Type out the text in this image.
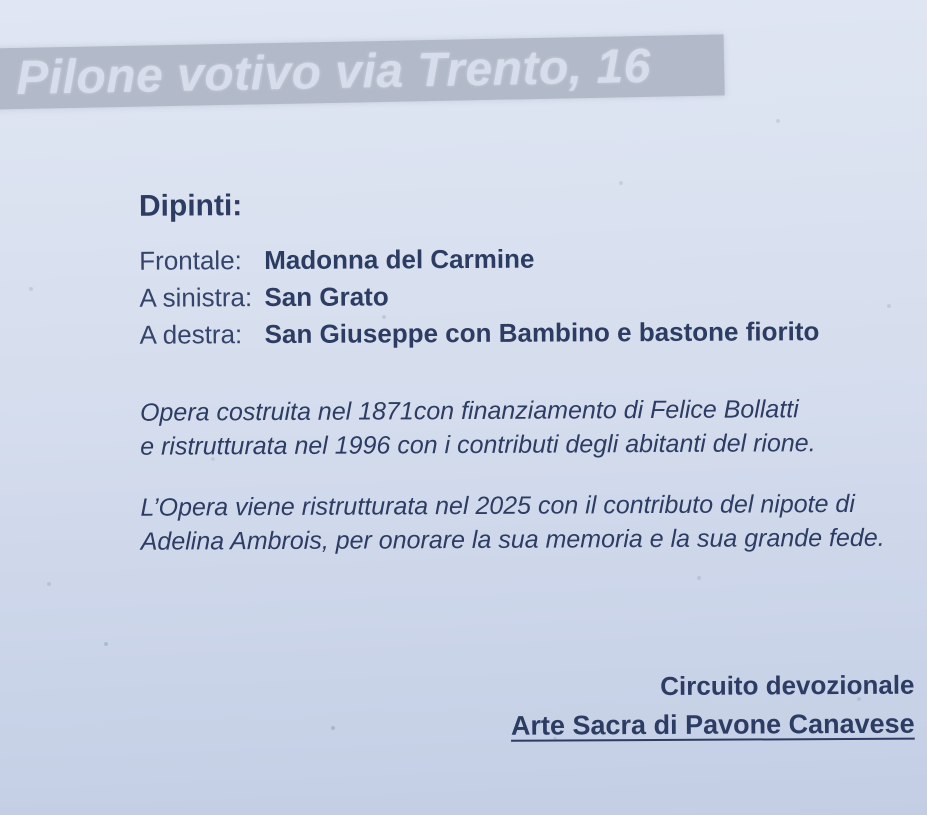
Pilone votivo via Trento, 16
Dipinti:
Frontale: Madonna del Carmine
A sinistra: San Grato
A destra: San Giuseppe con Bambino e bastone fiorito
Opera costruita nel 1871con finanziamento di Felice Bollatti
e ristrutturata nel 1996 con i contributi degli abitanti del rione.
L’Opera viene ristrutturata nel 2025 con il contributo del nipote di
Adelina Ambrois, per onorare la sua memoria e la sua grande fede.
Circuito devozionale
Arte Sacra di Pavone Canavese
